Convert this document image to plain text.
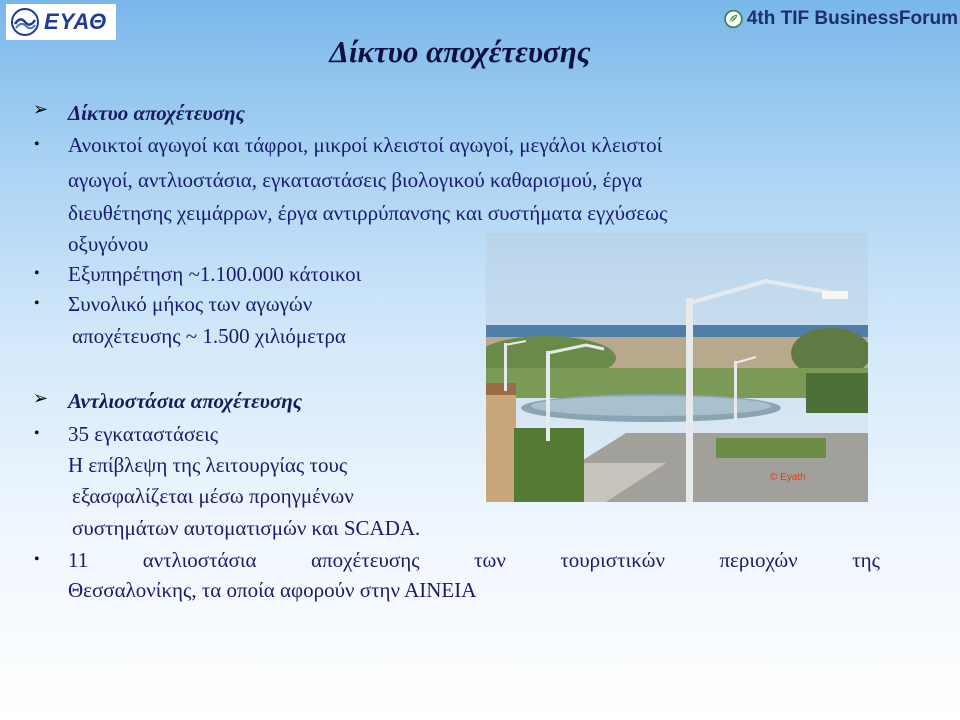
ΕΥΑΘ	4th TIF BusinessForum
Δίκτυο αποχέτευσης
© Eyath
➢ Δίκτυο αποχέτευσης
• Ανοικτοί αγωγοί και τάφροι, μικροί κλειστοί αγωγοί, μεγάλοι κλειστοί
αγωγοί, αντλιοστάσια, εγκαταστάσεις βιολογικού καθαρισμού, έργα
διευθέτησης χειμάρρων, έργα αντιρρύπανσης και συστήματα εγχύσεως
οξυγόνου
• Εξυπηρέτηση ~1.100.000 κάτοικοι
• Συνολικό μήκος των αγωγών
αποχέτευσης ~ 1.500 χιλιόμετρα
➢ Αντλιοστάσια αποχέτευσης
• 35 εγκαταστάσεις
Η επίβλεψη της λειτουργίας τους
εξασφαλίζεται μέσω προηγμένων
συστημάτων αυτοματισμών και SCADA.
• 11	αντλιοστάσια	αποχέτευσης	των	τουριστικών	περιοχών	της
Θεσσαλονίκης, τα οποία αφορούν στην ΑΙΝΕΙΑ
